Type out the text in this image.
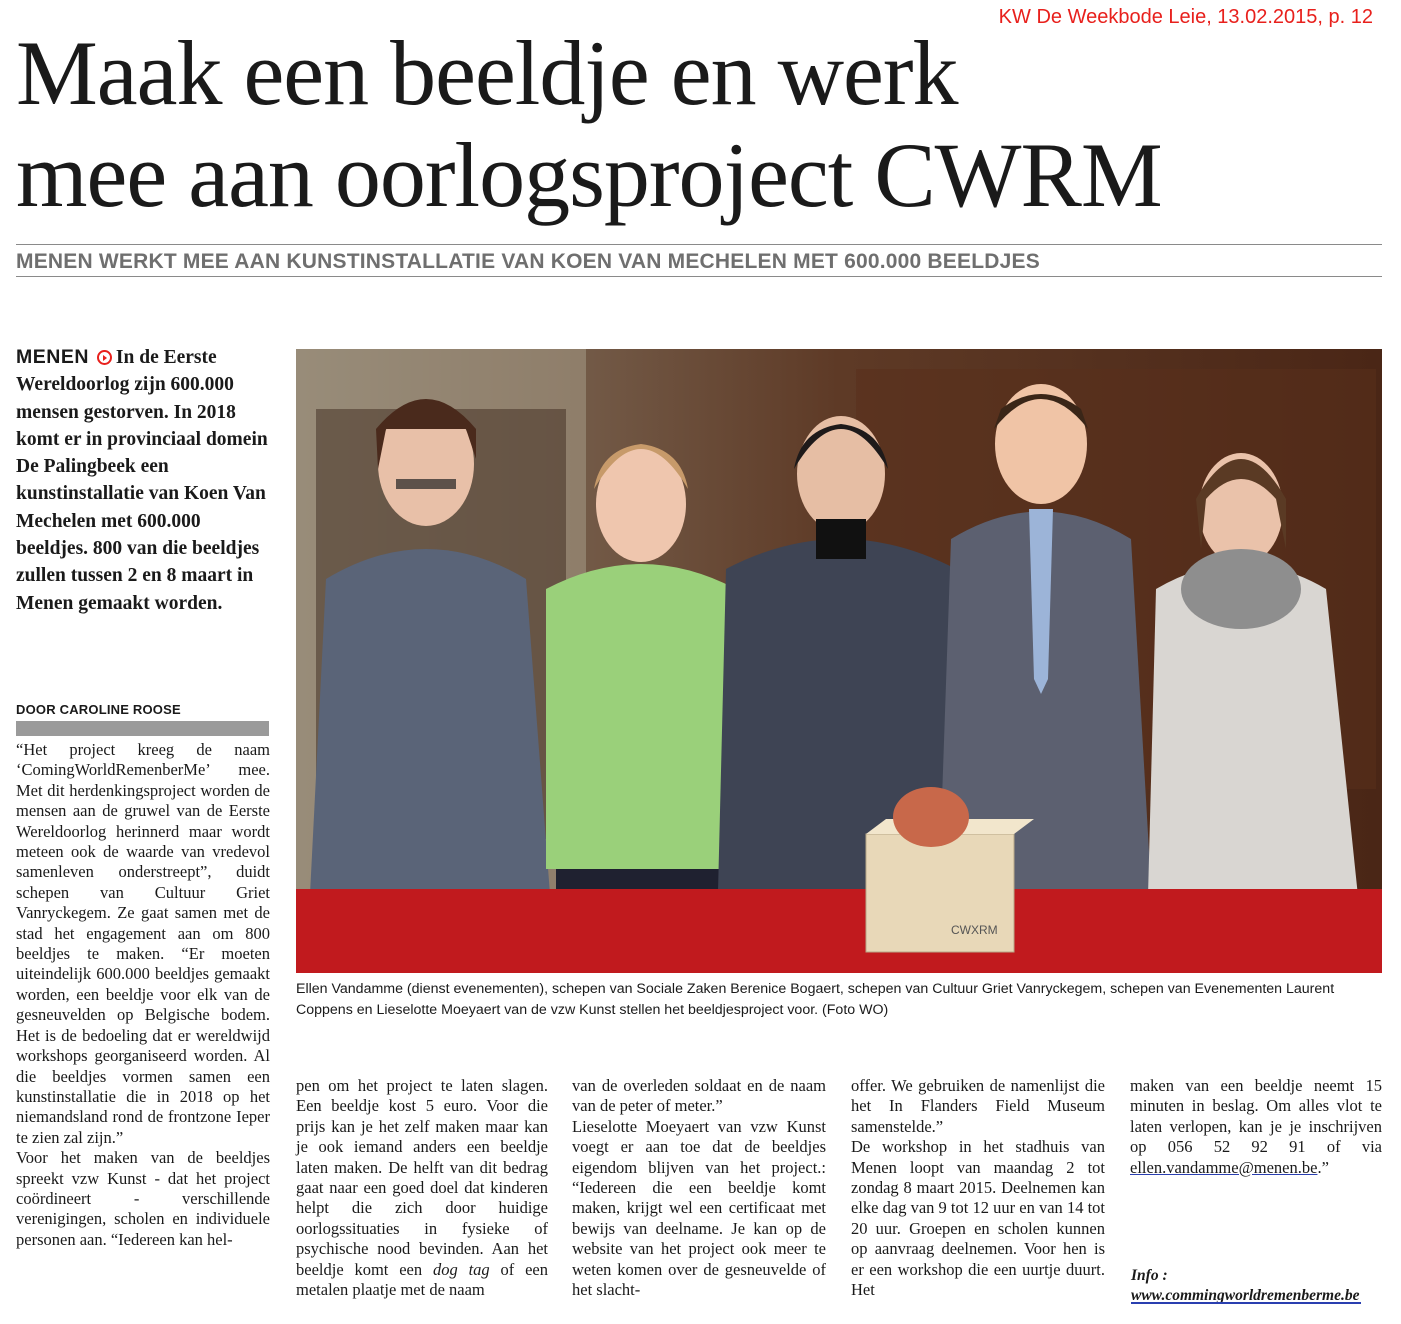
KW De Weekbode Leie, 13.02.2015, p. 12
Maak een beeldje en werk
mee aan oorlogsproject CWRM
MENEN WERKT MEE AAN KUNSTINSTALLATIE VAN KOEN VAN MECHELEN MET 600.000 BEELDJES
MENEN In de Eerste Wereldoorlog zijn 600.000 mensen gestorven. In 2018 komt er in provinciaal domein De Palingbeek een kunstinstallatie van Koen Van Mechelen met 600.000 beeldjes. 800 van die beeldjes zullen tussen 2 en 8 maart in Menen gemaakt worden.
DOOR CAROLINE ROOSE

“Het project kreeg de naam ‘ComingWorldRemenberMe’ mee. Met dit herdenkingsproject worden de mensen aan de gruwel van de Eerste Wereldoorlog herinnerd maar wordt meteen ook de waarde van vredevol samenleven onderstreept”, duidt schepen van Cultuur Griet Vanryckegem. Ze gaat samen met de stad het engagement aan om 800 beeldjes te maken. “Er moeten uiteindelijk 600.000 beeldjes gemaakt worden, een beeldje voor elk van de gesneuvelden op Belgische bodem. Het is de bedoeling dat er wereldwijd workshops georganiseerd worden. Al die beeldjes vormen samen een kunstinstallatie die in 2018 op het niemandsland rond de frontzone Ieper te zien zal zijn.”

Voor het maken van de beeldjes spreekt vzw Kunst - dat het project coördineert - verschillende verenigingen, scholen en individuele personen aan. “Iedereen kan hel-

CWXRM

Ellen Vandamme (dienst evenementen), schepen van Sociale Zaken Berenice Bogaert, schepen van Cultuur Griet Vanryckegem, schepen van Evenementen Laurent Coppens en Lieselotte Moeyaert van de vzw Kunst stellen het beeldjesproject voor. (Foto WO)

pen om het project te laten slagen. Een beeldje kost 5 euro. Voor die prijs kan je het zelf maken maar kan je ook iemand anders een beeldje laten maken. De helft van dit bedrag gaat naar een goed doel dat kinderen helpt die zich door huidige oorlogssituaties in fysieke of psychische nood bevinden. Aan het beeldje komt een dog tag of een metalen plaatje met de naam

van de overleden soldaat en de naam van de peter of meter.”

Lieselotte Moeyaert van vzw Kunst voegt er aan toe dat de beeldjes eigendom blijven van het project.: “Iedereen die een beeldje komt maken, krijgt wel een certificaat met bewijs van deelname. Je kan op de website van het project ook meer te weten komen over de gesneuvelde of het slacht-

offer. We gebruiken de namenlijst die het In Flanders Field Museum samenstelde.”

De workshop in het stadhuis van Menen loopt van maandag 2 tot zondag 8 maart 2015. Deelnemen kan elke dag van 9 tot 12 uur en van 14 tot 20 uur. Groepen en scholen kunnen op aanvraag deelnemen. Voor hen is er een workshop die een uurtje duurt. Het

maken van een beeldje neemt 15 minuten in beslag. Om alles vlot te laten verlopen, kan je je inschrijven op 056 52 92 91 of via ellen.vandamme@menen.be.”

Info : www.commingworldremenberme.be
